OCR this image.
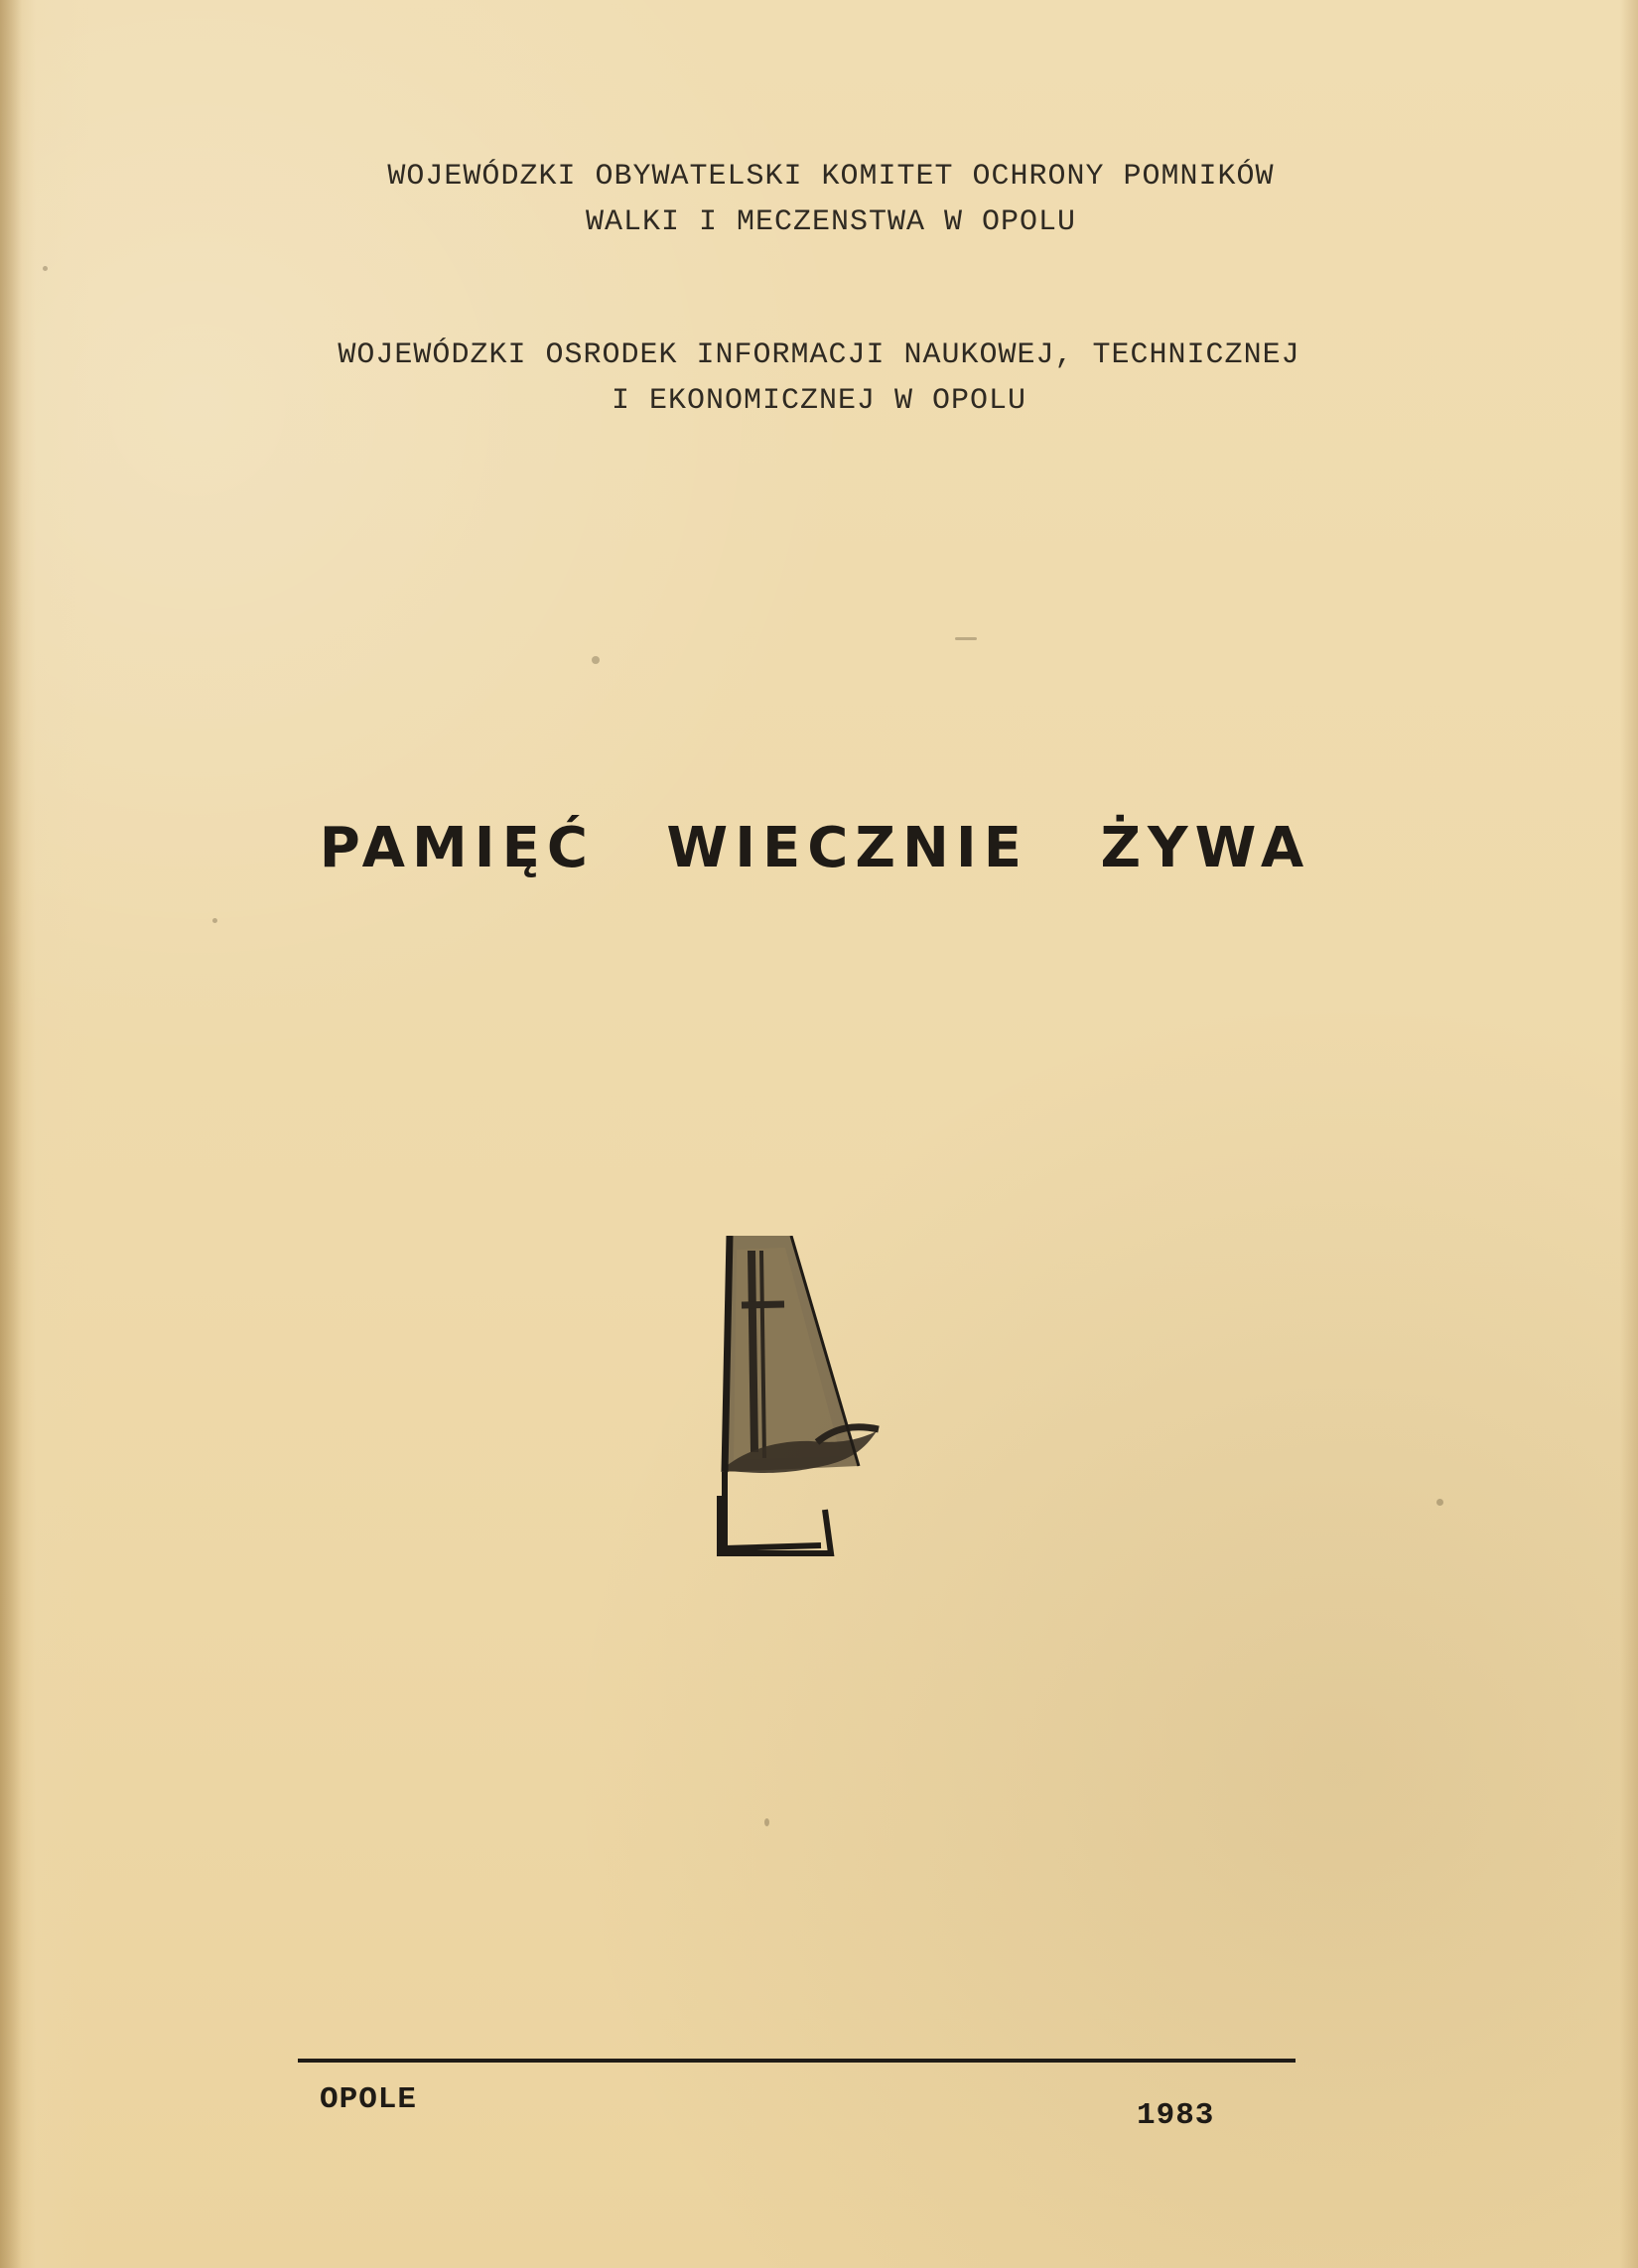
WOJEWÓDZKI OBYWATELSKI KOMITET OCHRONY POMNIKÓW
WALKI I MECZENSTWA W OPOLU
WOJEWÓDZKI OSRODEK INFORMACJI NAUKOWEJ, TECHNICZNEJ
I EKONOMICZNEJ W OPOLU
PAMIĘĆ WIECZNIE ŻYWA
OPOLE	1983
